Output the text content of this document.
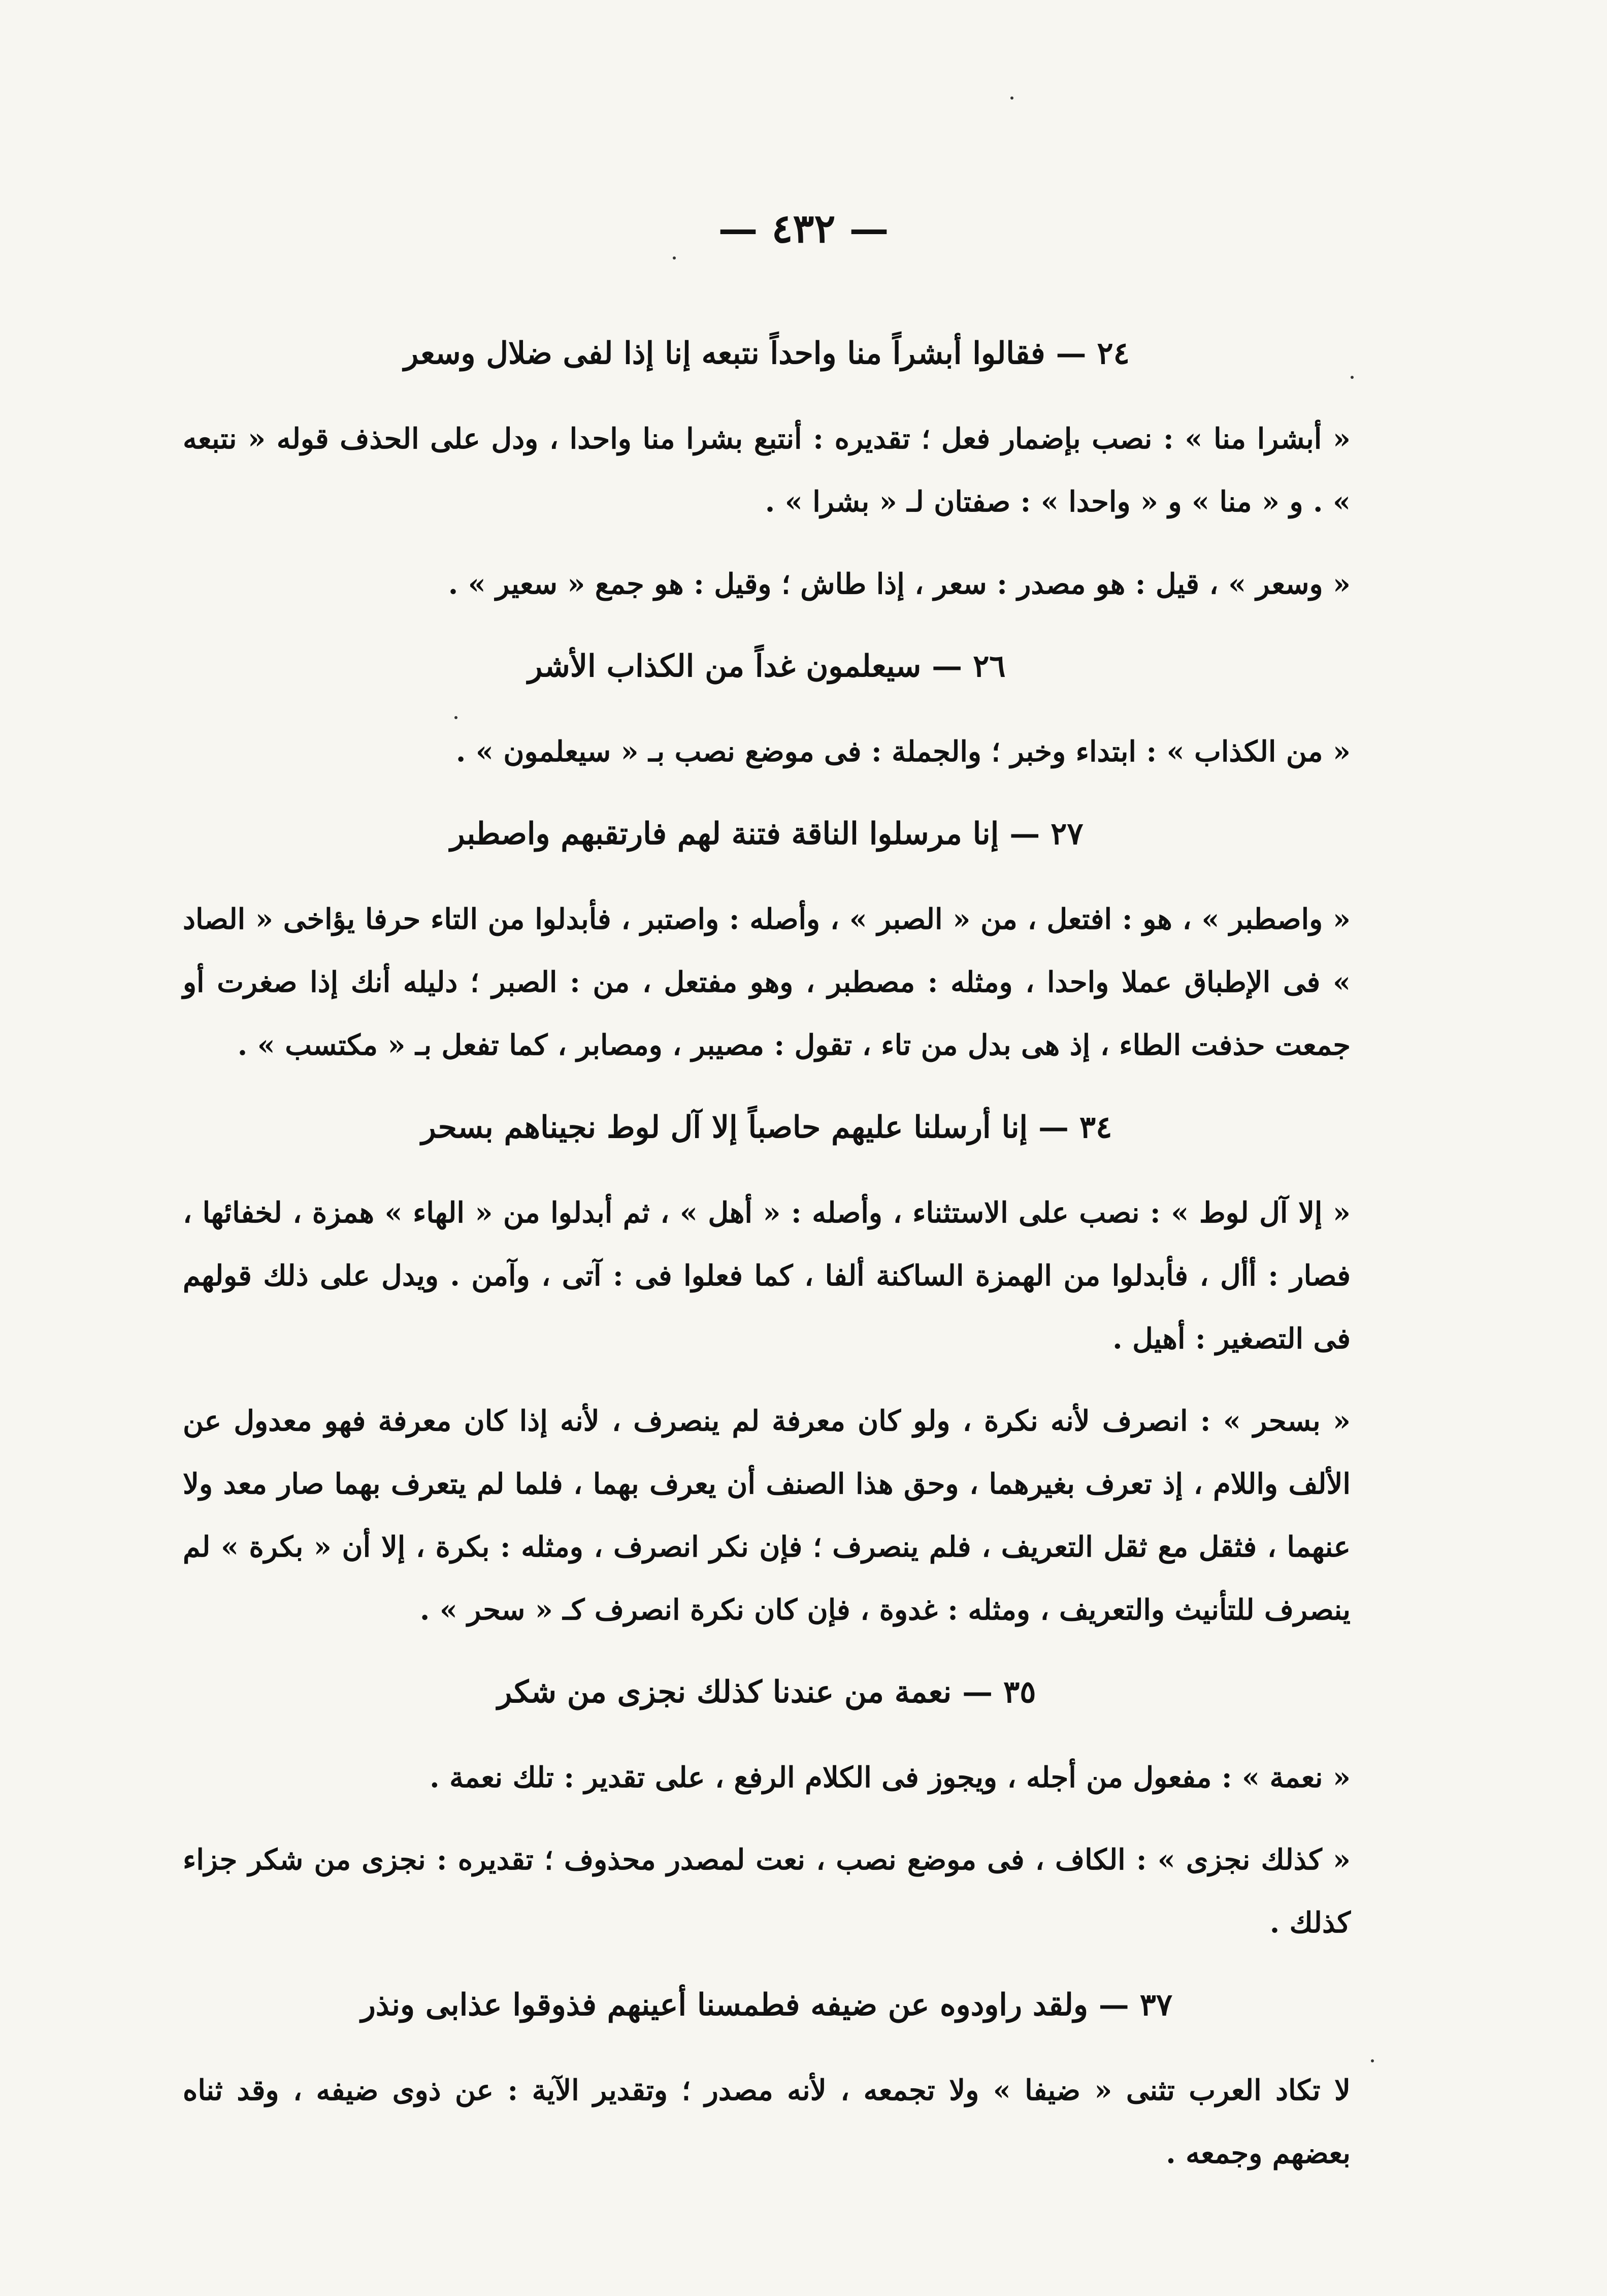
— ٤٣٢ —

٢٤ — فقالوا أبشراً منا واحداً نتبعه إنا إذا لفى ضلال وسعر

« أبشرا منا » : نصب بإضمار فعل ؛ تقديره : أنتبع بشرا منا واحدا ، ودل على الحذف قوله « نتبعه » . و « منا » و « واحدا » : صفتان لـ « بشرا » .

« وسعر » ، قيل : هو مصدر : سعر ، إذا طاش ؛ وقيل : هو جمع « سعير » .

٢٦ — سيعلمون غداً من الكذاب الأشر

« من الكذاب » : ابتداء وخبر ؛ والجملة : فى موضع نصب بـ « سيعلمون » .

٢٧ — إنا مرسلوا الناقة فتنة لهم فارتقبهم واصطبر

« واصطبر » ، هو : افتعل ، من « الصبر » ، وأصله : واصتبر ، فأبدلوا من التاء حرفا يؤاخى « الصاد » فى الإطباق عملا واحدا ، ومثله : مصطبر ، وهو مفتعل ، من : الصبر ؛ دليله أنك إذا صغرت أو جمعت حذفت الطاء ، إذ هى بدل من تاء ، تقول : مصيبر ، ومصابر ، كما تفعل بـ « مكتسب » .

٣٤ — إنا أرسلنا عليهم حاصباً إلا آل لوط نجيناهم بسحر

« إلا آل لوط » : نصب على الاستثناء ، وأصله : « أهل » ، ثم أبدلوا من « الهاء » همزة ، لخفائها ، فصار : أأل ، فأبدلوا من الهمزة الساكنة ألفا ، كما فعلوا فى : آتى ، وآمن . ويدل على ذلك قولهم فى التصغير : أهيل .

« بسحر » : انصرف لأنه نكرة ، ولو كان معرفة لم ينصرف ، لأنه إذا كان معرفة فهو معدول عن الألف واللام ، إذ تعرف بغيرهما ، وحق هذا الصنف أن يعرف بهما ، فلما لم يتعرف بهما صار معد ولا عنهما ، فثقل مع ثقل التعريف ، فلم ينصرف ؛ فإن نكر انصرف ، ومثله : بكرة ، إلا أن « بكرة » لم ينصرف للتأنيث والتعريف ، ومثله : غدوة ، فإن كان نكرة انصرف كـ « سحر » .

٣٥ — نعمة من عندنا كذلك نجزى من شكر

« نعمة » : مفعول من أجله ، ويجوز فى الكلام الرفع ، على تقدير : تلك نعمة .

« كذلك نجزى » : الكاف ، فى موضع نصب ، نعت لمصدر محذوف ؛ تقديره : نجزى من شكر جزاء كذلك .

٣٧ — ولقد راودوه عن ضيفه فطمسنا أعينهم فذوقوا عذابى ونذر

لا تكاد العرب تثنى « ضيفا » ولا تجمعه ، لأنه مصدر ؛ وتقدير الآية : عن ذوى ضيفه ، وقد ثناه بعضهم وجمعه .
